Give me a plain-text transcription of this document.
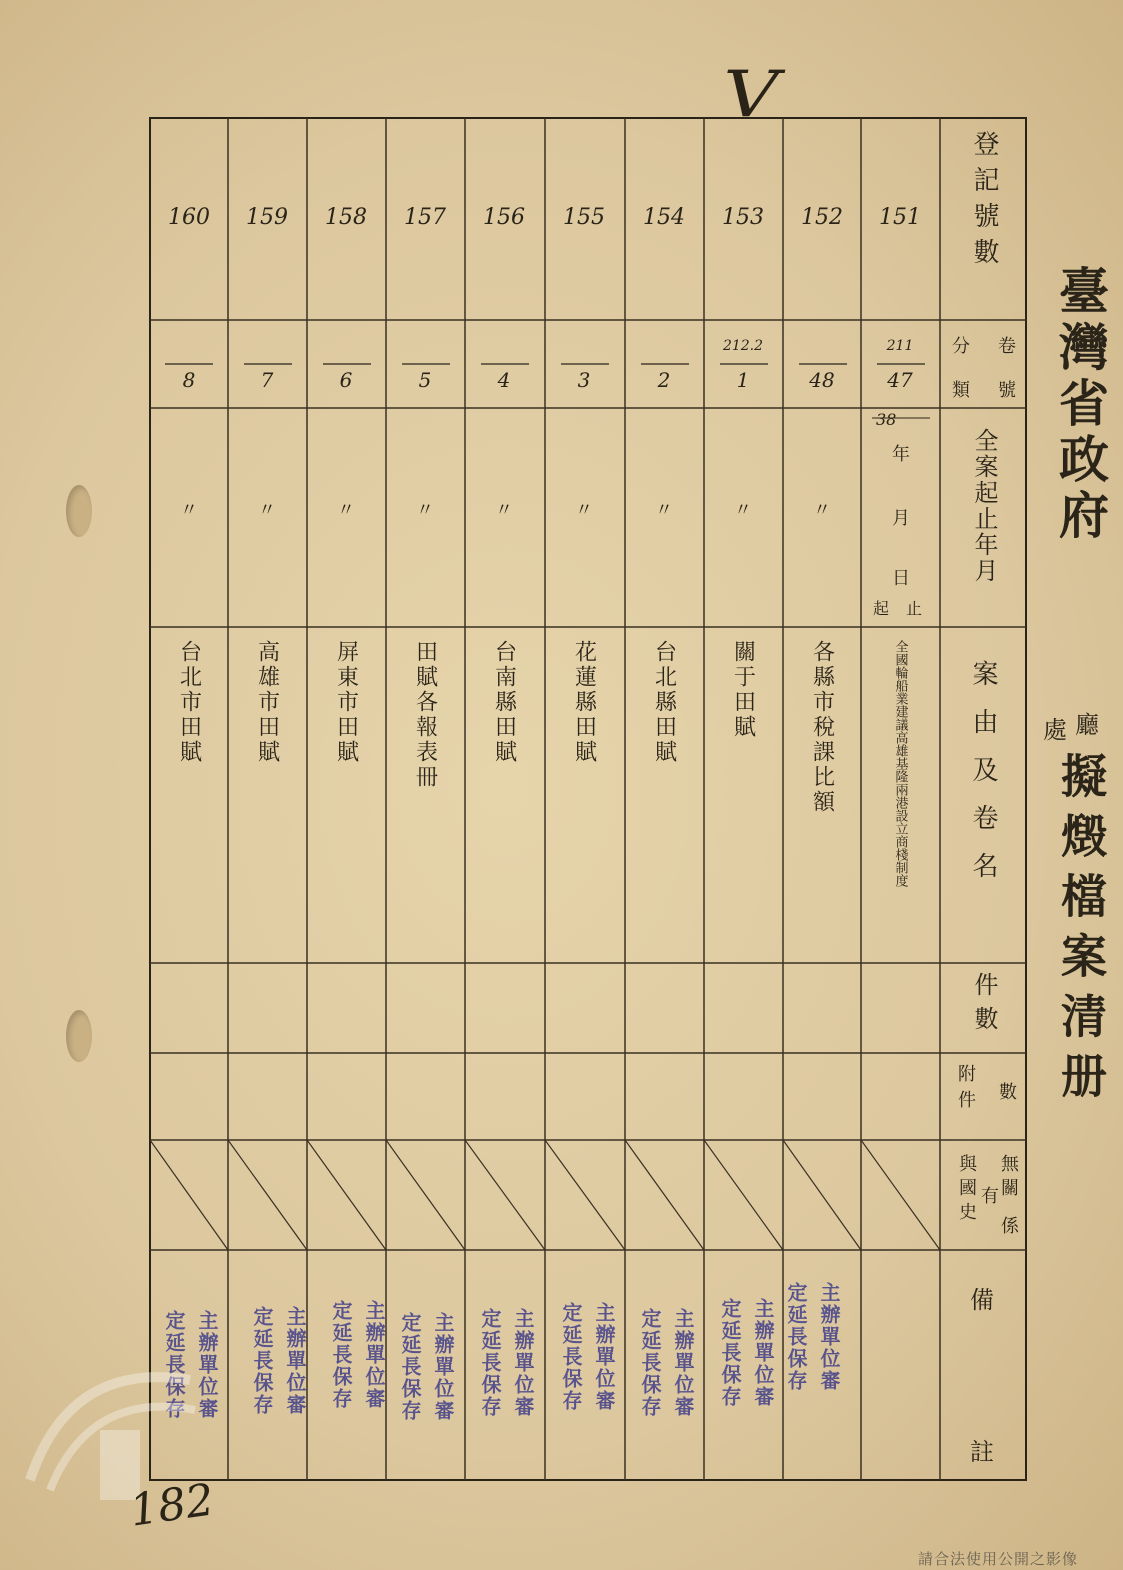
V
登記號數
分 卷
類 號
全案起止年月
案由及卷名
件數
附件 數
無關
有
係
與國史
備
註
臺灣省政府
廳
處
擬燬檔案清册
151
152
153
154
155
156
157
158
159
160
211
47
48
212.2
1
2
3
4
5
6
7
8
38
年
月
日
起 止
〃
〃
〃
〃
〃
〃
〃
〃
〃
全國輪船業建議高雄基隆兩港設立商棧制度
各縣市稅課比額
關于田賦
台北縣田賦
花蓮縣田賦
台南縣田賦
田賦各報表冊
屏東市田賦
高雄市田賦
台北市田賦
定延長保存 主辦單位審
定延長保存 主辦單位審
定延長保存 主辦單位審
定延長保存 主辦單位審
定延長保存 主辦單位審
定延長保存 主辦單位審
定延長保存 主辦單位審
定延長保存 主辦單位審
定延長保存 主辦單位審
182
請合法使用公開之影像
